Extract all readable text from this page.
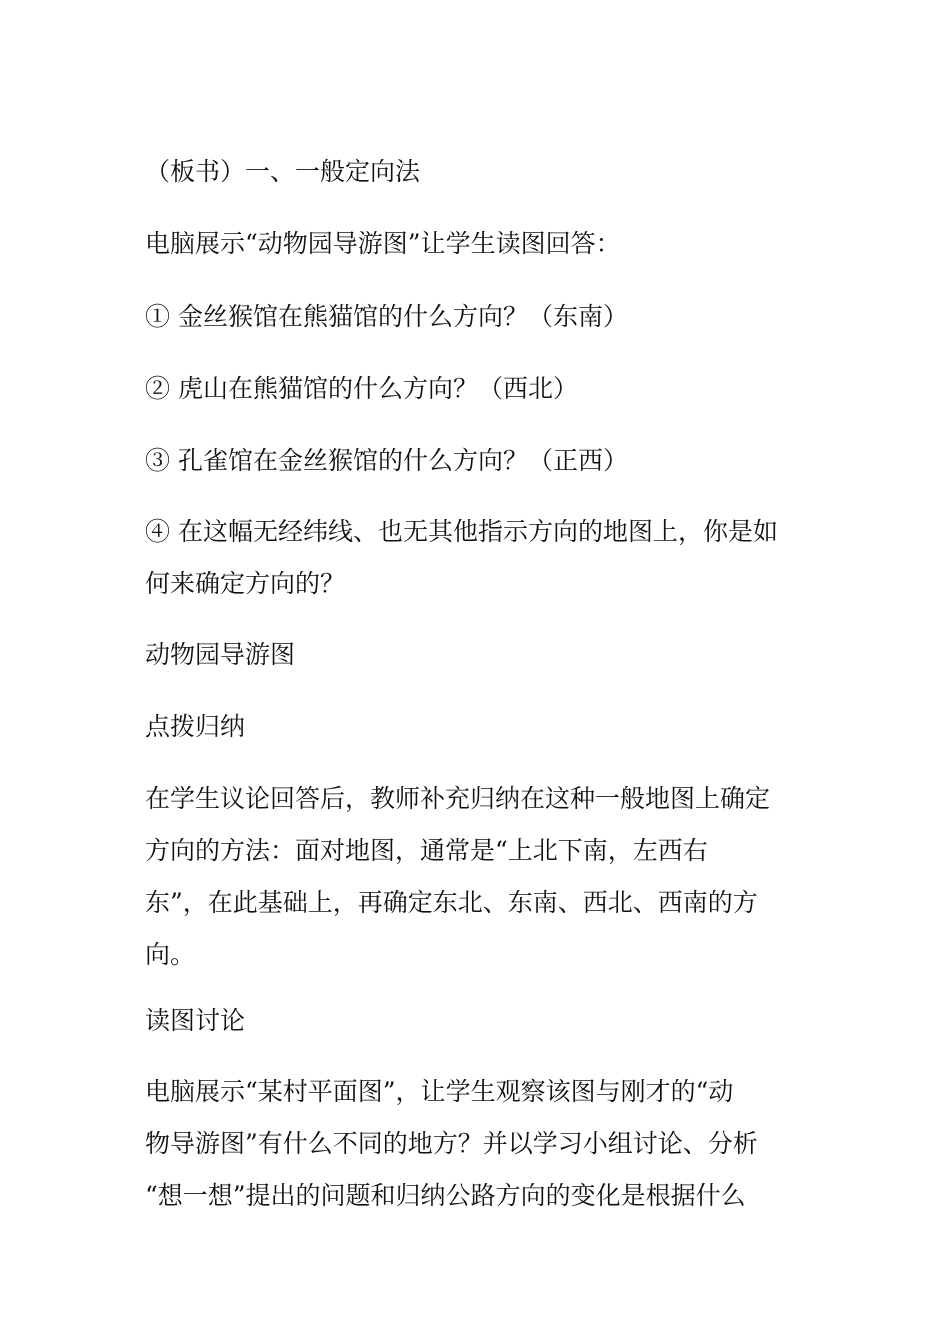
（板书）一、一般定向法

电脑展示“动物园导游图”让学生读图回答：

① 金丝猴馆在熊猫馆的什么方向？（东南）

② 虎山在熊猫馆的什么方向？（西北）

③ 孔雀馆在金丝猴馆的什么方向？（正西）

④ 在这幅无经纬线、也无其他指示方向的地图上，你是如
何来确定方向的？

动物园导游图

点拨归纳

在学生议论回答后，教师补充归纳在这种一般地图上确定
方向的方法：面对地图，通常是“上北下南，左西右
东”，在此基础上，再确定东北、东南、西北、西南的方
向。

读图讨论

电脑展示“某村平面图”，让学生观察该图与刚才的“动
物导游图”有什么不同的地方？并以学习小组讨论、分析
“想一想”提出的问题和归纳公路方向的变化是根据什么
